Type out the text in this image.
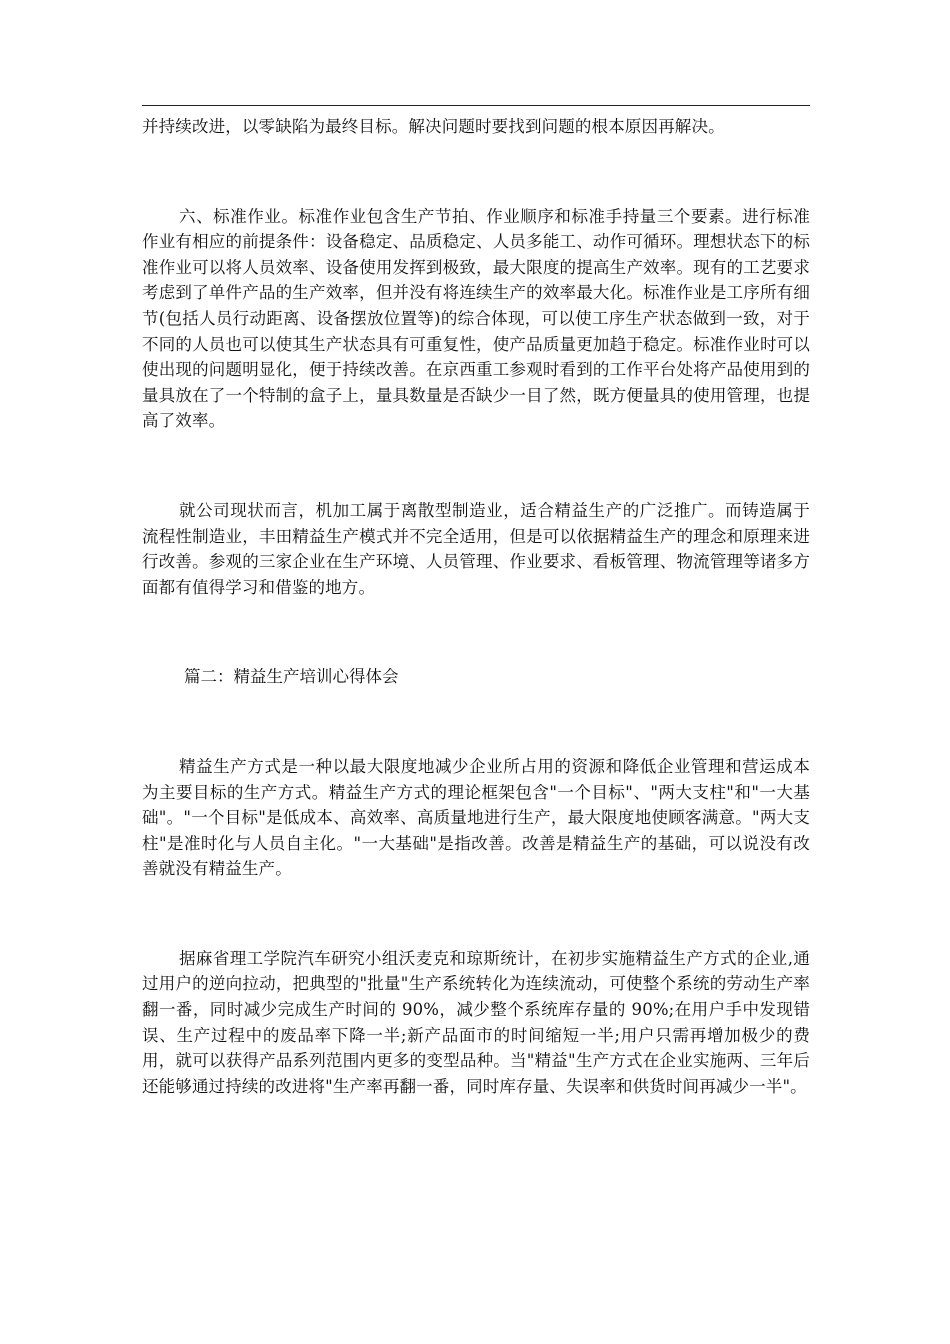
并持续改进，以零缺陷为最终目标。解决问题时要找到问题的根本原因再解决。

六、标准作业。标准作业包含生产节拍、作业顺序和标准手持量三个要素。进行标准作业有相应的前提条件：设备稳定、品质稳定、人员多能工、动作可循环。理想状态下的标准作业可以将人员效率、设备使用发挥到极致，最大限度的提高生产效率。现有的工艺要求考虑到了单件产品的生产效率，但并没有将连续生产的效率最大化。标准作业是工序所有细节(包括人员行动距离、设备摆放位置等)的综合体现，可以使工序生产状态做到一致，对于不同的人员也可以使其生产状态具有可重复性，使产品质量更加趋于稳定。标准作业时可以使出现的问题明显化，便于持续改善。在京西重工参观时看到的工作平台处将产品使用到的量具放在了一个特制的盒子上，量具数量是否缺少一目了然，既方便量具的使用管理，也提高了效率。

就公司现状而言，机加工属于离散型制造业，适合精益生产的广泛推广。而铸造属于流程性制造业，丰田精益生产模式并不完全适用，但是可以依据精益生产的理念和原理来进行改善。参观的三家企业在生产环境、人员管理、作业要求、看板管理、物流管理等诸多方面都有值得学习和借鉴的地方。

篇二：精益生产培训心得体会

精益生产方式是一种以最大限度地减少企业所占用的资源和降低企业管理和营运成本为主要目标的生产方式。精益生产方式的理论框架包含"一个目标"、"两大支柱"和"一大基础"。"一个目标"是低成本、高效率、高质量地进行生产，最大限度地使顾客满意。"两大支柱"是准时化与人员自主化。"一大基础"是指改善。改善是精益生产的基础，可以说没有改善就没有精益生产。

据麻省理工学院汽车研究小组沃麦克和琼斯统计，在初步实施精益生产方式的企业,通过用户的逆向拉动，把典型的"批量"生产系统转化为连续流动，可使整个系统的劳动生产率翻一番，同时减少完成生产时间的 90%，减少整个系统库存量的 90%;在用户手中发现错误、生产过程中的废品率下降一半;新产品面市的时间缩短一半;用户只需再增加极少的费用，就可以获得产品系列范围内更多的变型品种。当"精益"生产方式在企业实施两、三年后还能够通过持续的改进将"生产率再翻一番，同时库存量、失误率和供货时间再减少一半"。
